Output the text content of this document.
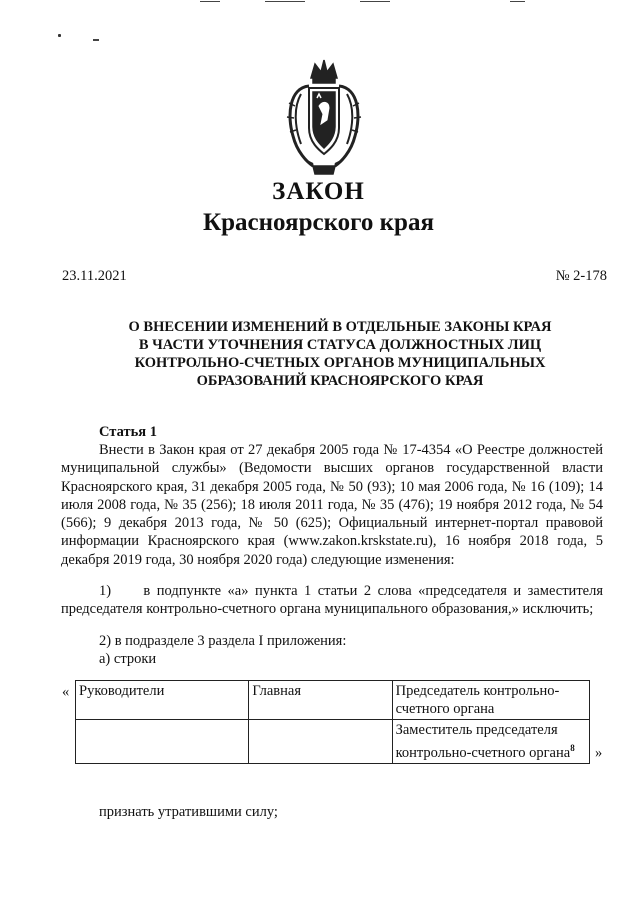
ЗАКОН
Красноярского края
23.11.2021	№ 2-178
О ВНЕСЕНИИ ИЗМЕНЕНИЙ В ОТДЕЛЬНЫЕ ЗАКОНЫ КРАЯ
В ЧАСТИ УТОЧНЕНИЯ СТАТУСА ДОЛЖНОСТНЫХ ЛИЦ
КОНТРОЛЬНО-СЧЕТНЫХ ОРГАНОВ МУНИЦИПАЛЬНЫХ
ОБРАЗОВАНИЙ КРАСНОЯРСКОГО КРАЯ
Статья 1
Внести в Закон края от 27 декабря 2005 года № 17-4354 «О Реестре должностей муниципальной службы» (Ведомости высших органов государственной власти Красноярского края, 31 декабря 2005 года, № 50 (93); 10 мая 2006 года, № 16 (109); 14 июля 2008 года, № 35 (256); 18 июля 2011 года, № 35 (476); 19 ноября 2012 года, № 54 (566); 9 декабря 2013 года, № 50 (625); Официальный интернет-портал правовой информации Красноярского края (www.zakon.krskstate.ru), 16 ноября 2018 года, 5 декабря 2019 года, 30 ноября 2020 года) следующие изменения:
1)     в подпункте «а» пункта 1 статьи 2 слова «председателя и заместителя председателя контрольно-счетного органа муниципального образования,» исключить;
2) в подразделе 3 раздела I приложения:
а) строки
« Руководители	Главная	Председатель контрольно-счетного органа
		Заместитель председателя контрольно-счетного органа$^8$ »
признать утратившими силу;
